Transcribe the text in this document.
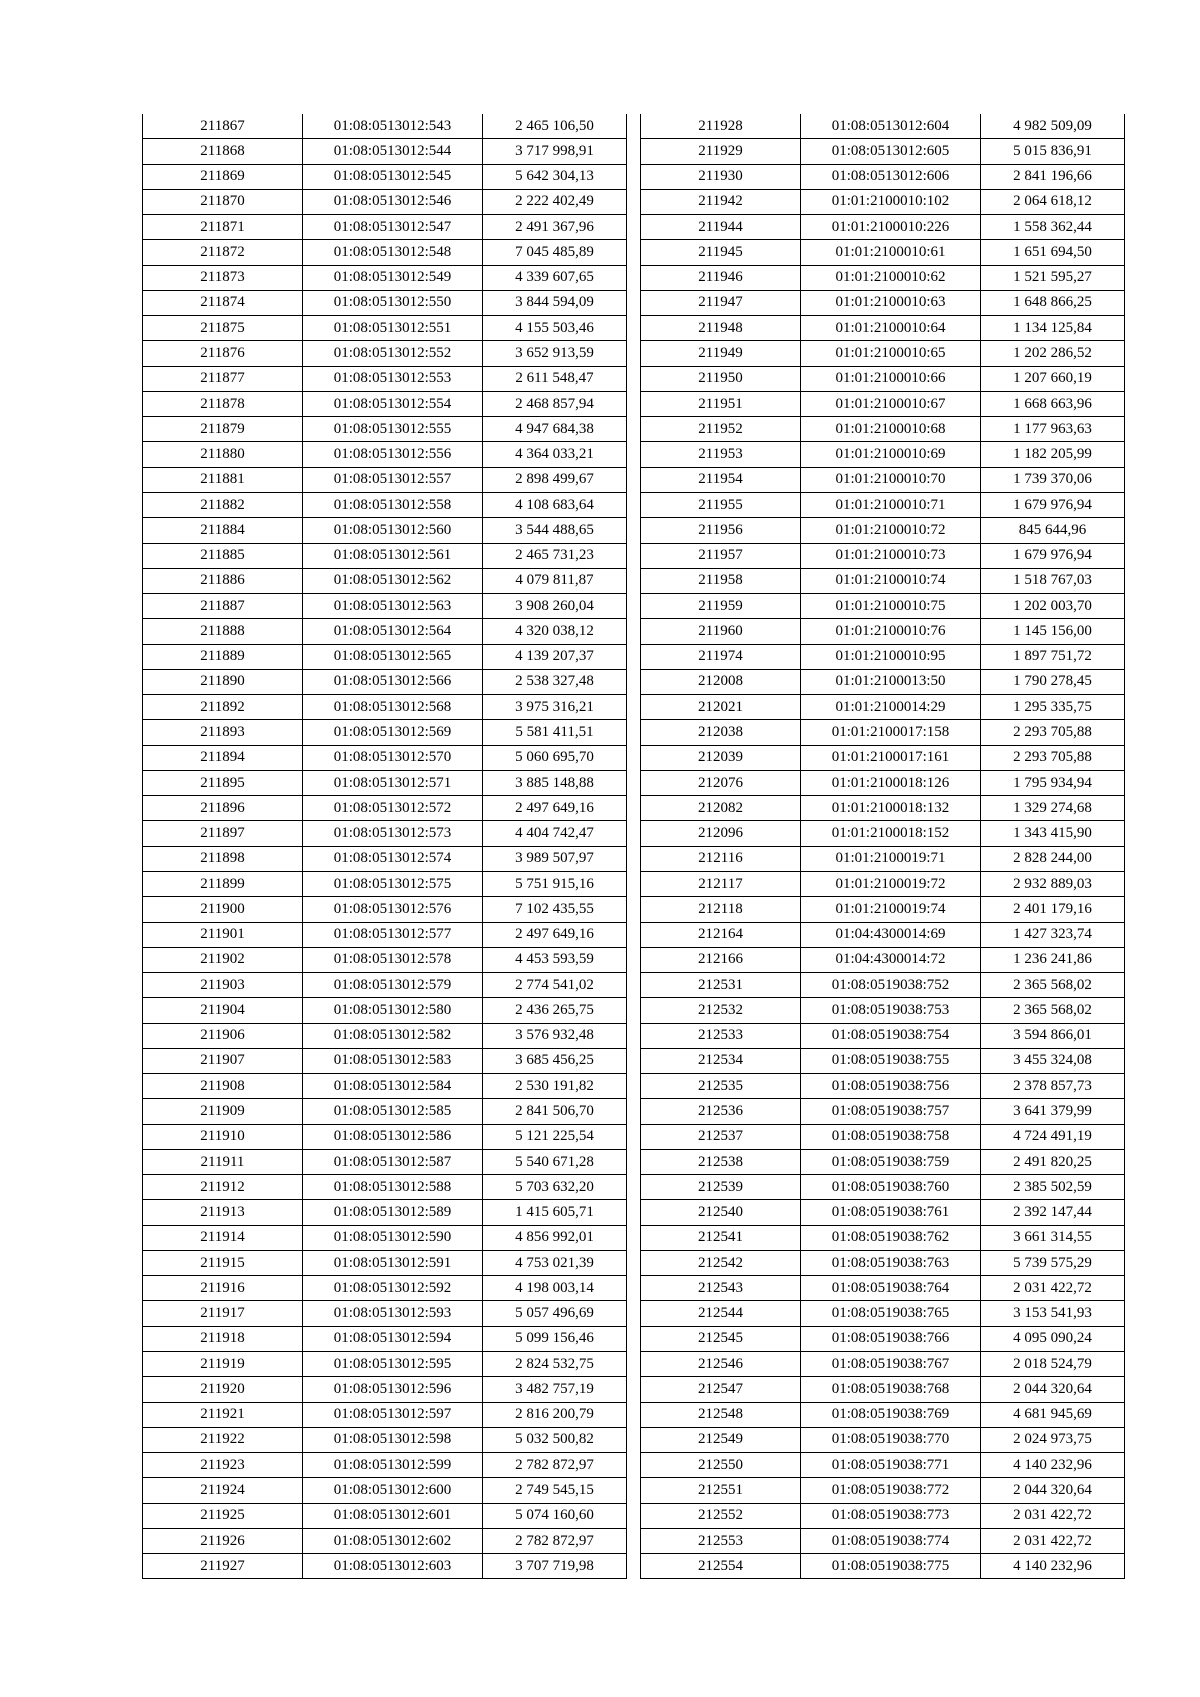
211867	01:08:0513012:543	2 465 106,50
211868	01:08:0513012:544	3 717 998,91
211869	01:08:0513012:545	5 642 304,13
211870	01:08:0513012:546	2 222 402,49
211871	01:08:0513012:547	2 491 367,96
211872	01:08:0513012:548	7 045 485,89
211873	01:08:0513012:549	4 339 607,65
211874	01:08:0513012:550	3 844 594,09
211875	01:08:0513012:551	4 155 503,46
211876	01:08:0513012:552	3 652 913,59
211877	01:08:0513012:553	2 611 548,47
211878	01:08:0513012:554	2 468 857,94
211879	01:08:0513012:555	4 947 684,38
211880	01:08:0513012:556	4 364 033,21
211881	01:08:0513012:557	2 898 499,67
211882	01:08:0513012:558	4 108 683,64
211884	01:08:0513012:560	3 544 488,65
211885	01:08:0513012:561	2 465 731,23
211886	01:08:0513012:562	4 079 811,87
211887	01:08:0513012:563	3 908 260,04
211888	01:08:0513012:564	4 320 038,12
211889	01:08:0513012:565	4 139 207,37
211890	01:08:0513012:566	2 538 327,48
211892	01:08:0513012:568	3 975 316,21
211893	01:08:0513012:569	5 581 411,51
211894	01:08:0513012:570	5 060 695,70
211895	01:08:0513012:571	3 885 148,88
211896	01:08:0513012:572	2 497 649,16
211897	01:08:0513012:573	4 404 742,47
211898	01:08:0513012:574	3 989 507,97
211899	01:08:0513012:575	5 751 915,16
211900	01:08:0513012:576	7 102 435,55
211901	01:08:0513012:577	2 497 649,16
211902	01:08:0513012:578	4 453 593,59
211903	01:08:0513012:579	2 774 541,02
211904	01:08:0513012:580	2 436 265,75
211906	01:08:0513012:582	3 576 932,48
211907	01:08:0513012:583	3 685 456,25
211908	01:08:0513012:584	2 530 191,82
211909	01:08:0513012:585	2 841 506,70
211910	01:08:0513012:586	5 121 225,54
211911	01:08:0513012:587	5 540 671,28
211912	01:08:0513012:588	5 703 632,20
211913	01:08:0513012:589	1 415 605,71
211914	01:08:0513012:590	4 856 992,01
211915	01:08:0513012:591	4 753 021,39
211916	01:08:0513012:592	4 198 003,14
211917	01:08:0513012:593	5 057 496,69
211918	01:08:0513012:594	5 099 156,46
211919	01:08:0513012:595	2 824 532,75
211920	01:08:0513012:596	3 482 757,19
211921	01:08:0513012:597	2 816 200,79
211922	01:08:0513012:598	5 032 500,82
211923	01:08:0513012:599	2 782 872,97
211924	01:08:0513012:600	2 749 545,15
211925	01:08:0513012:601	5 074 160,60
211926	01:08:0513012:602	2 782 872,97
211927	01:08:0513012:603	3 707 719,98
211928	01:08:0513012:604	4 982 509,09
211929	01:08:0513012:605	5 015 836,91
211930	01:08:0513012:606	2 841 196,66
211942	01:01:2100010:102	2 064 618,12
211944	01:01:2100010:226	1 558 362,44
211945	01:01:2100010:61	1 651 694,50
211946	01:01:2100010:62	1 521 595,27
211947	01:01:2100010:63	1 648 866,25
211948	01:01:2100010:64	1 134 125,84
211949	01:01:2100010:65	1 202 286,52
211950	01:01:2100010:66	1 207 660,19
211951	01:01:2100010:67	1 668 663,96
211952	01:01:2100010:68	1 177 963,63
211953	01:01:2100010:69	1 182 205,99
211954	01:01:2100010:70	1 739 370,06
211955	01:01:2100010:71	1 679 976,94
211956	01:01:2100010:72	845 644,96
211957	01:01:2100010:73	1 679 976,94
211958	01:01:2100010:74	1 518 767,03
211959	01:01:2100010:75	1 202 003,70
211960	01:01:2100010:76	1 145 156,00
211974	01:01:2100010:95	1 897 751,72
212008	01:01:2100013:50	1 790 278,45
212021	01:01:2100014:29	1 295 335,75
212038	01:01:2100017:158	2 293 705,88
212039	01:01:2100017:161	2 293 705,88
212076	01:01:2100018:126	1 795 934,94
212082	01:01:2100018:132	1 329 274,68
212096	01:01:2100018:152	1 343 415,90
212116	01:01:2100019:71	2 828 244,00
212117	01:01:2100019:72	2 932 889,03
212118	01:01:2100019:74	2 401 179,16
212164	01:04:4300014:69	1 427 323,74
212166	01:04:4300014:72	1 236 241,86
212531	01:08:0519038:752	2 365 568,02
212532	01:08:0519038:753	2 365 568,02
212533	01:08:0519038:754	3 594 866,01
212534	01:08:0519038:755	3 455 324,08
212535	01:08:0519038:756	2 378 857,73
212536	01:08:0519038:757	3 641 379,99
212537	01:08:0519038:758	4 724 491,19
212538	01:08:0519038:759	2 491 820,25
212539	01:08:0519038:760	2 385 502,59
212540	01:08:0519038:761	2 392 147,44
212541	01:08:0519038:762	3 661 314,55
212542	01:08:0519038:763	5 739 575,29
212543	01:08:0519038:764	2 031 422,72
212544	01:08:0519038:765	3 153 541,93
212545	01:08:0519038:766	4 095 090,24
212546	01:08:0519038:767	2 018 524,79
212547	01:08:0519038:768	2 044 320,64
212548	01:08:0519038:769	4 681 945,69
212549	01:08:0519038:770	2 024 973,75
212550	01:08:0519038:771	4 140 232,96
212551	01:08:0519038:772	2 044 320,64
212552	01:08:0519038:773	2 031 422,72
212553	01:08:0519038:774	2 031 422,72
212554	01:08:0519038:775	4 140 232,96
